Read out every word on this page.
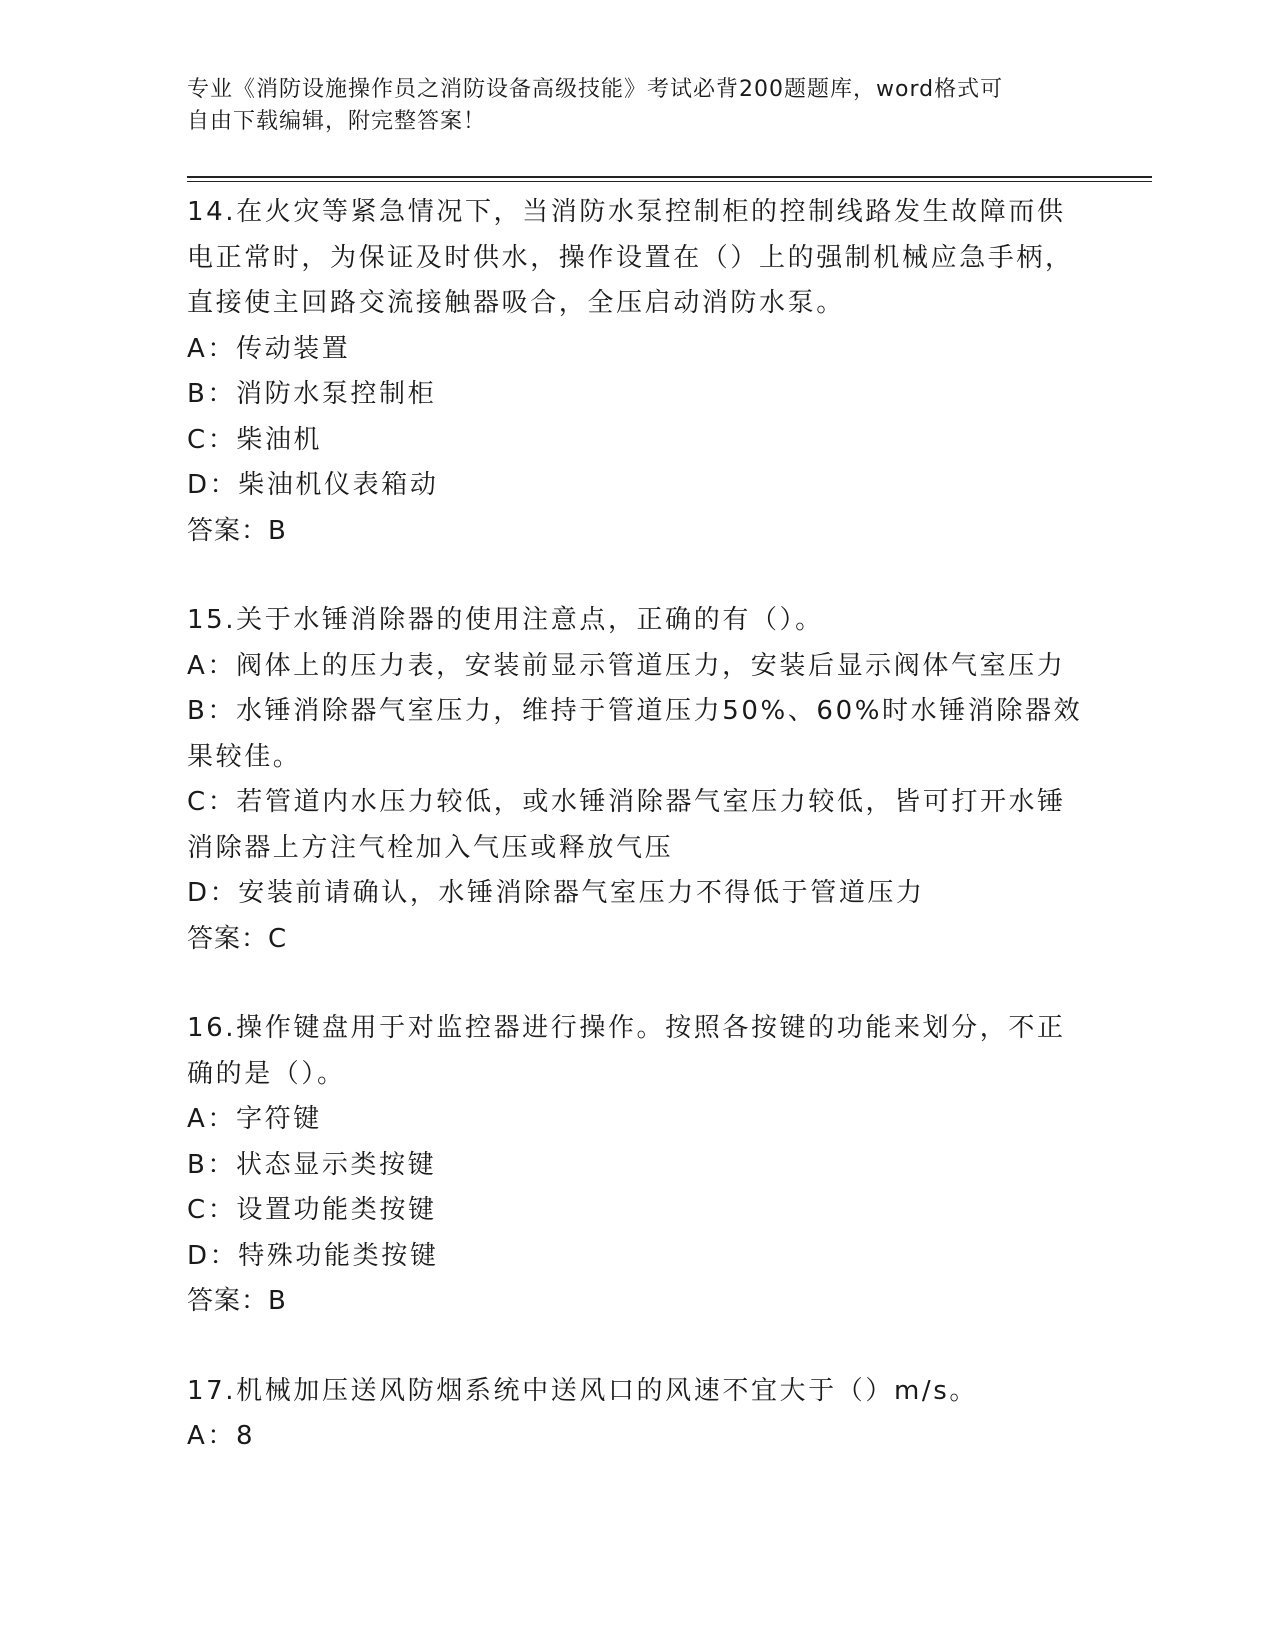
专业《消防设施操作员之消防设备高级技能》考试必背200题题库，word格式可
自由下载编辑，附完整答案！
14.在火灾等紧急情况下，当消防水泵控制柜的控制线路发生故障而供电正常时，为保证及时供水，操作设置在（）上的强制机械应急手柄，直接使主回路交流接触器吸合，全压启动消防水泵。
A：传动装置
B：消防水泵控制柜
C：柴油机
D：柴油机仪表箱动
答案：B
15.关于水锤消除器的使用注意点，正确的有（）。
A：阀体上的压力表，安装前显示管道压力，安装后显示阀体气室压力
B：水锤消除器气室压力，维持于管道压力50%、60%时水锤消除器效果较佳。
C：若管道内水压力较低，或水锤消除器气室压力较低，皆可打开水锤消除器上方注气栓加入气压或释放气压
D：安装前请确认，水锤消除器气室压力不得低于管道压力
答案：C
16.操作键盘用于对监控器进行操作。按照各按键的功能来划分，不正确的是（）。
A：字符键
B：状态显示类按键
C：设置功能类按键
D：特殊功能类按键
答案：B
17.机械加压送风防烟系统中送风口的风速不宜大于（）m/s。
A：8
